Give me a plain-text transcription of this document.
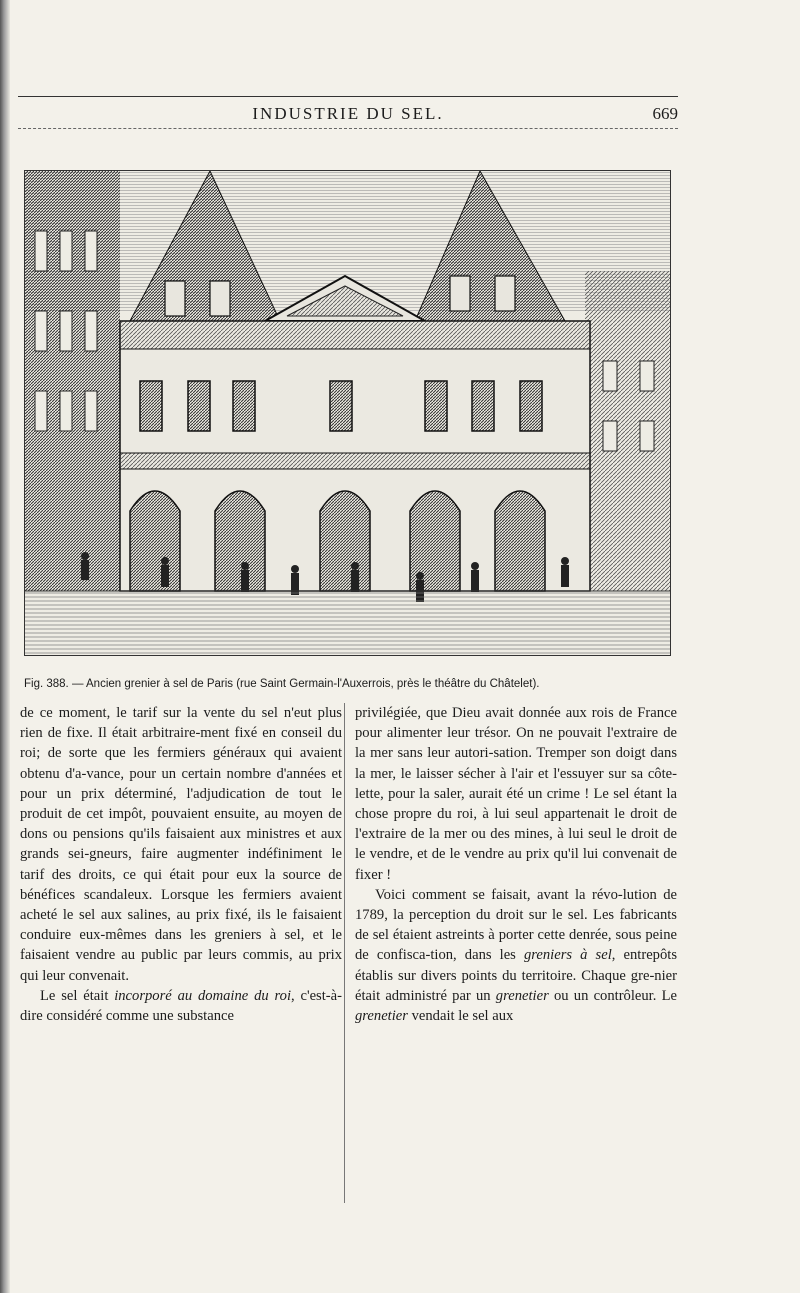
INDUSTRIE DU SEL.	669
Fig. 388. — Ancien grenier à sel de Paris (rue Saint Germain-l'Auxerrois, près le théâtre du Châtelet).

de ce moment, le tarif sur la vente du sel n'eut plus rien de fixe. Il était arbitraire-ment fixé en conseil du roi; de sorte que les fermiers généraux qui avaient obtenu d'a-vance, pour un certain nombre d'années et pour un prix déterminé, l'adjudication de tout le produit de cet impôt, pouvaient ensuite, au moyen de dons ou pensions qu'ils faisaient aux ministres et aux grands sei-gneurs, faire augmenter indéfiniment le tarif des droits, ce qui était pour eux la source de bénéfices scandaleux. Lorsque les fermiers avaient acheté le sel aux salines, au prix fixé, ils le faisaient conduire eux-mêmes dans les greniers à sel, et le faisaient vendre au public par leurs commis, au prix qui leur convenait.

Le sel était incorporé au domaine du roi, c'est-à-dire considéré comme une substance

privilégiée, que Dieu avait donnée aux rois de France pour alimenter leur trésor. On ne pouvait l'extraire de la mer sans leur autori-sation. Tremper son doigt dans la mer, le laisser sécher à l'air et l'essuyer sur sa côte-lette, pour la saler, aurait été un crime ! Le sel étant la chose propre du roi, à lui seul appartenait le droit de l'extraire de la mer ou des mines, à lui seul le droit de le vendre, et de le vendre au prix qu'il lui convenait de fixer !

Voici comment se faisait, avant la révo-lution de 1789, la perception du droit sur le sel. Les fabricants de sel étaient astreints à porter cette denrée, sous peine de confisca-tion, dans les greniers à sel, entrepôts établis sur divers points du territoire. Chaque gre-nier était administré par un grenetier ou un contrôleur. Le grenetier vendait le sel aux
